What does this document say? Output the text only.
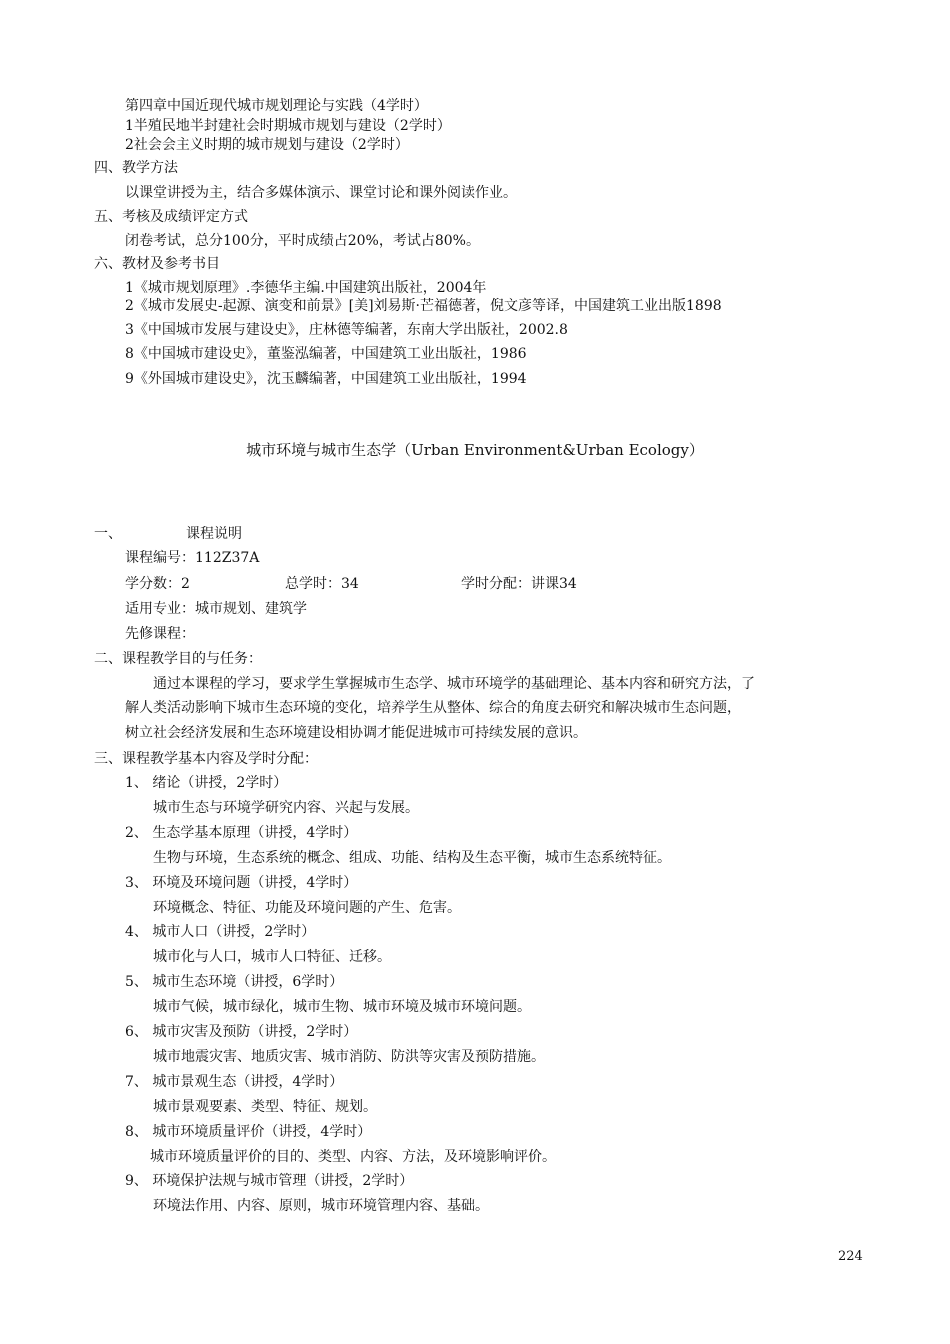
第四章中国近现代城市规划理论与实践（4学时）
1半殖民地半封建社会时期城市规划与建设（2学时）
2社会会主义时期的城市规划与建设（2学时）
四、教学方法
以课堂讲授为主，结合多媒体演示、课堂讨论和课外阅读作业。
五、考核及成绩评定方式
闭卷考试，总分100分，平时成绩占20%，考试占80%。
六、教材及参考书目
1《城市规划原理》.李德华主编.中国建筑出版社，2004年
2《城市发展史-起源、演变和前景》[美]刘易斯·芒福德著，倪文彦等译，中国建筑工业出版1898
3《中国城市发展与建设史》，庄林德等编著，东南大学出版社，2002.8
8《中国城市建设史》，董鉴泓编著，中国建筑工业出版社，1986
9《外国城市建设史》，沈玉麟编著，中国建筑工业出版社，1994
城市环境与城市生态学（Urban Environment&Urban Ecology）
一、	课程说明
课程编号：112Z37A
学分数：2	总学时：34	学时分配：讲课34
适用专业：城市规划、建筑学
先修课程：
二、课程教学目的与任务：
通过本课程的学习，要求学生掌握城市生态学、城市环境学的基础理论、基本内容和研究方法，了
解人类活动影响下城市生态环境的变化，培养学生从整体、综合的角度去研究和解决城市生态问题，
树立社会经济发展和生态环境建设相协调才能促进城市可持续发展的意识。
三、课程教学基本内容及学时分配：
1、 绪论（讲授，2学时）
城市生态与环境学研究内容、兴起与发展。
2、 生态学基本原理（讲授，4学时）
生物与环境，生态系统的概念、组成、功能、结构及生态平衡，城市生态系统特征。
3、 环境及环境问题（讲授，4学时）
环境概念、特征、功能及环境问题的产生、危害。
4、 城市人口（讲授，2学时）
城市化与人口，城市人口特征、迁移。
5、 城市生态环境（讲授，6学时）
城市气候，城市绿化，城市生物、城市环境及城市环境问题。
6、 城市灾害及预防（讲授，2学时）
城市地震灾害、地质灾害、城市消防、防洪等灾害及预防措施。
7、 城市景观生态（讲授，4学时）
城市景观要素、类型、特征、规划。
8、 城市环境质量评价（讲授，4学时）
城市环境质量评价的目的、类型、内容、方法，及环境影响评价。
9、 环境保护法规与城市管理（讲授，2学时）
环境法作用、内容、原则，城市环境管理内容、基础。
224
